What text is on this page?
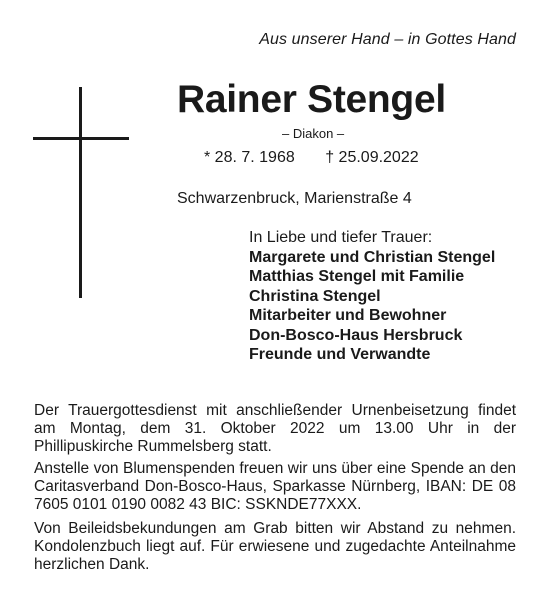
Aus unserer Hand – in Gottes Hand
Rainer Stengel
– Diakon –
* 28. 7. 1968 † 25.09.2022
Schwarzenbruck, Marienstraße 4
In Liebe und tiefer Trauer:
Margarete und Christian Stengel
Matthias Stengel mit Familie
Christina Stengel
Mitarbeiter und Bewohner
Don-Bosco-Haus Hersbruck
Freunde und Verwandte
Der Trauergottesdienst mit anschließender Urnenbeisetzung findet am Montag, dem 31. Oktober 2022 um 13.00 Uhr in der Phillipuskirche Rummelsberg statt.
Anstelle von Blumenspenden freuen wir uns über eine Spende an den Caritasverband Don-Bosco-Haus, Sparkasse Nürnberg, IBAN: DE 08 7605 0101 0190 0082 43 BIC: SSKNDE77XXX.
Von Beileidsbekundungen am Grab bitten wir Abstand zu nehmen. Kondolenzbuch liegt auf. Für erwiesene und zugedachte Anteilnahme herzlichen Dank.
